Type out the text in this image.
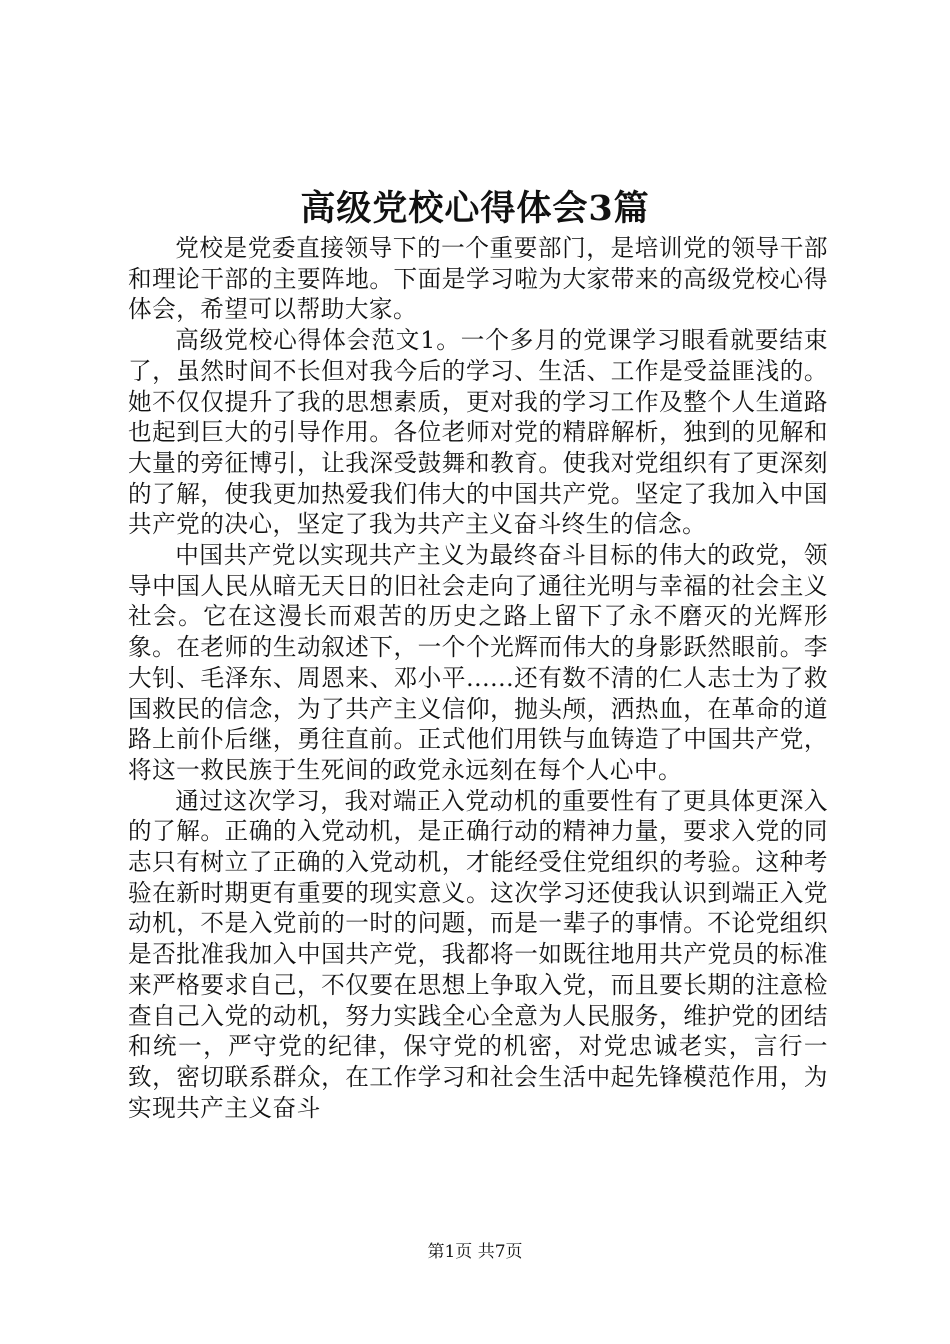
高级党校心得体会3篇

党校是党委直接领导下的一个重要部门，是培训党的领导干部和理论干部的主要阵地。下面是学习啦为大家带来的高级党校心得体会，希望可以帮助大家。

高级党校心得体会范文1。一个多月的党课学习眼看就要结束了，虽然时间不长但对我今后的学习、生活、工作是受益匪浅的。她不仅仅提升了我的思想素质，更对我的学习工作及整个人生道路也起到巨大的引导作用。各位老师对党的精辟解析，独到的见解和大量的旁征博引，让我深受鼓舞和教育。使我对党组织有了更深刻的了解，使我更加热爱我们伟大的中国共产党。坚定了我加入中国共产党的决心，坚定了我为共产主义奋斗终生的信念。

中国共产党以实现共产主义为最终奋斗目标的伟大的政党，领导中国人民从暗无天日的旧社会走向了通往光明与幸福的社会主义社会。它在这漫长而艰苦的历史之路上留下了永不磨灭的光辉形象。在老师的生动叙述下，一个个光辉而伟大的身影跃然眼前。李大钊、毛泽东、周恩来、邓小平......还有数不清的仁人志士为了救国救民的信念，为了共产主义信仰，抛头颅，洒热血，在革命的道路上前仆后继，勇往直前。正式他们用铁与血铸造了中国共产党，将这一救民族于生死间的政党永远刻在每个人心中。

通过这次学习，我对端正入党动机的重要性有了更具体更深入的了解。正确的入党动机，是正确行动的精神力量，要求入党的同志只有树立了正确的入党动机，才能经受住党组织的考验。这种考验在新时期更有重要的现实意义。这次学习还使我认识到端正入党动机，不是入党前的一时的问题，而是一辈子的事情。不论党组织是否批准我加入中国共产党，我都将一如既往地用共产党员的标准来严格要求自己，不仅要在思想上争取入党，而且要长期的注意检查自己入党的动机，努力实践全心全意为人民服务，维护党的团结和统一，严守党的纪律，保守党的机密，对党忠诚老实，言行一致，密切联系群众，在工作学习和社会生活中起先锋模范作用，为实现共产主义奋斗

第1页 共7页
